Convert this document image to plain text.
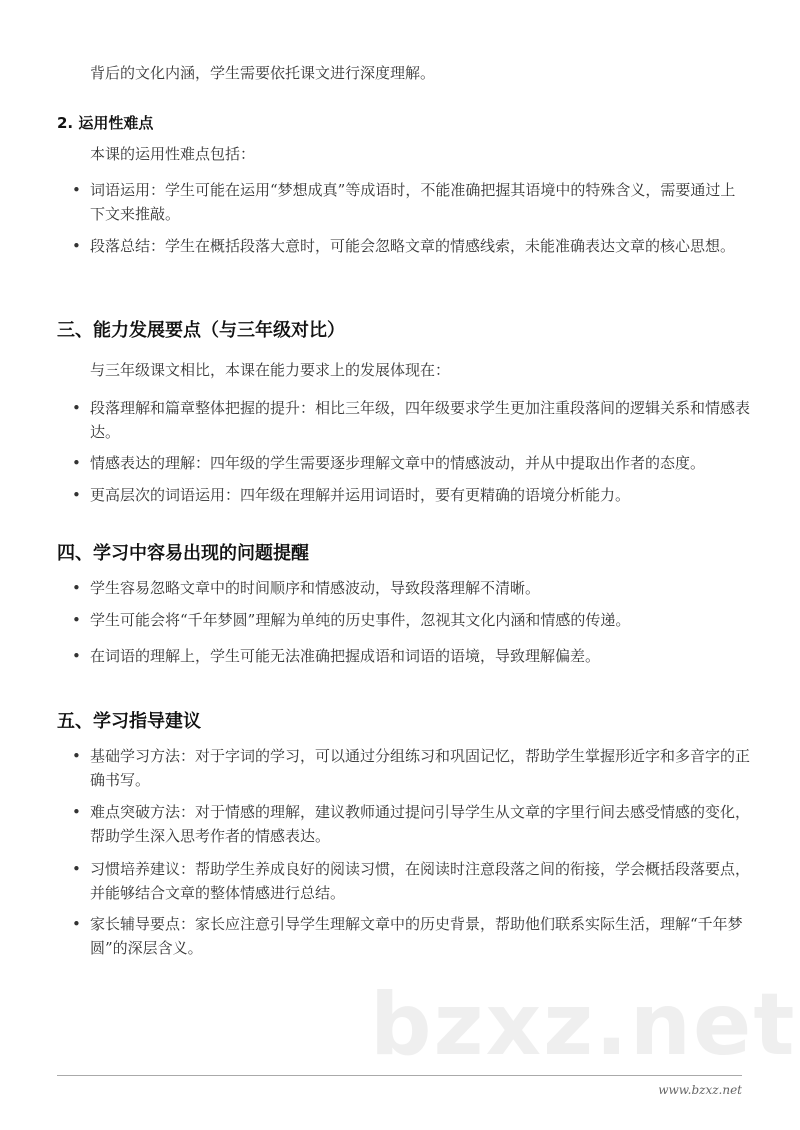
背后的文化内涵，学生需要依托课文进行深度理解。
2. 运用性难点
本课的运用性难点包括：
• 词语运用：学生可能在运用“梦想成真”等成语时，不能准确把握其语境中的特殊含义，需要通过上下文来推敲。
• 段落总结：学生在概括段落大意时，可能会忽略文章的情感线索，未能准确表达文章的核心思想。
三、能力发展要点（与三年级对比）
与三年级课文相比，本课在能力要求上的发展体现在：
• 段落理解和篇章整体把握的提升：相比三年级，四年级要求学生更加注重段落间的逻辑关系和情感表达。
• 情感表达的理解：四年级的学生需要逐步理解文章中的情感波动，并从中提取出作者的态度。
• 更高层次的词语运用：四年级在理解并运用词语时，要有更精确的语境分析能力。
四、学习中容易出现的问题提醒
• 学生容易忽略文章中的时间顺序和情感波动，导致段落理解不清晰。
• 学生可能会将“千年梦圆”理解为单纯的历史事件，忽视其文化内涵和情感的传递。
• 在词语的理解上，学生可能无法准确把握成语和词语的语境，导致理解偏差。
五、学习指导建议
• 基础学习方法：对于字词的学习，可以通过分组练习和巩固记忆，帮助学生掌握形近字和多音字的正确书写。
• 难点突破方法：对于情感的理解，建议教师通过提问引导学生从文章的字里行间去感受情感的变化，帮助学生深入思考作者的情感表达。
• 习惯培养建议：帮助学生养成良好的阅读习惯，在阅读时注意段落之间的衔接，学会概括段落要点，并能够结合文章的整体情感进行总结。
• 家长辅导要点：家长应注意引导学生理解文章中的历史背景，帮助他们联系实际生活，理解“千年梦圆”的深层含义。
bzxz.net
www.bzxz.net
